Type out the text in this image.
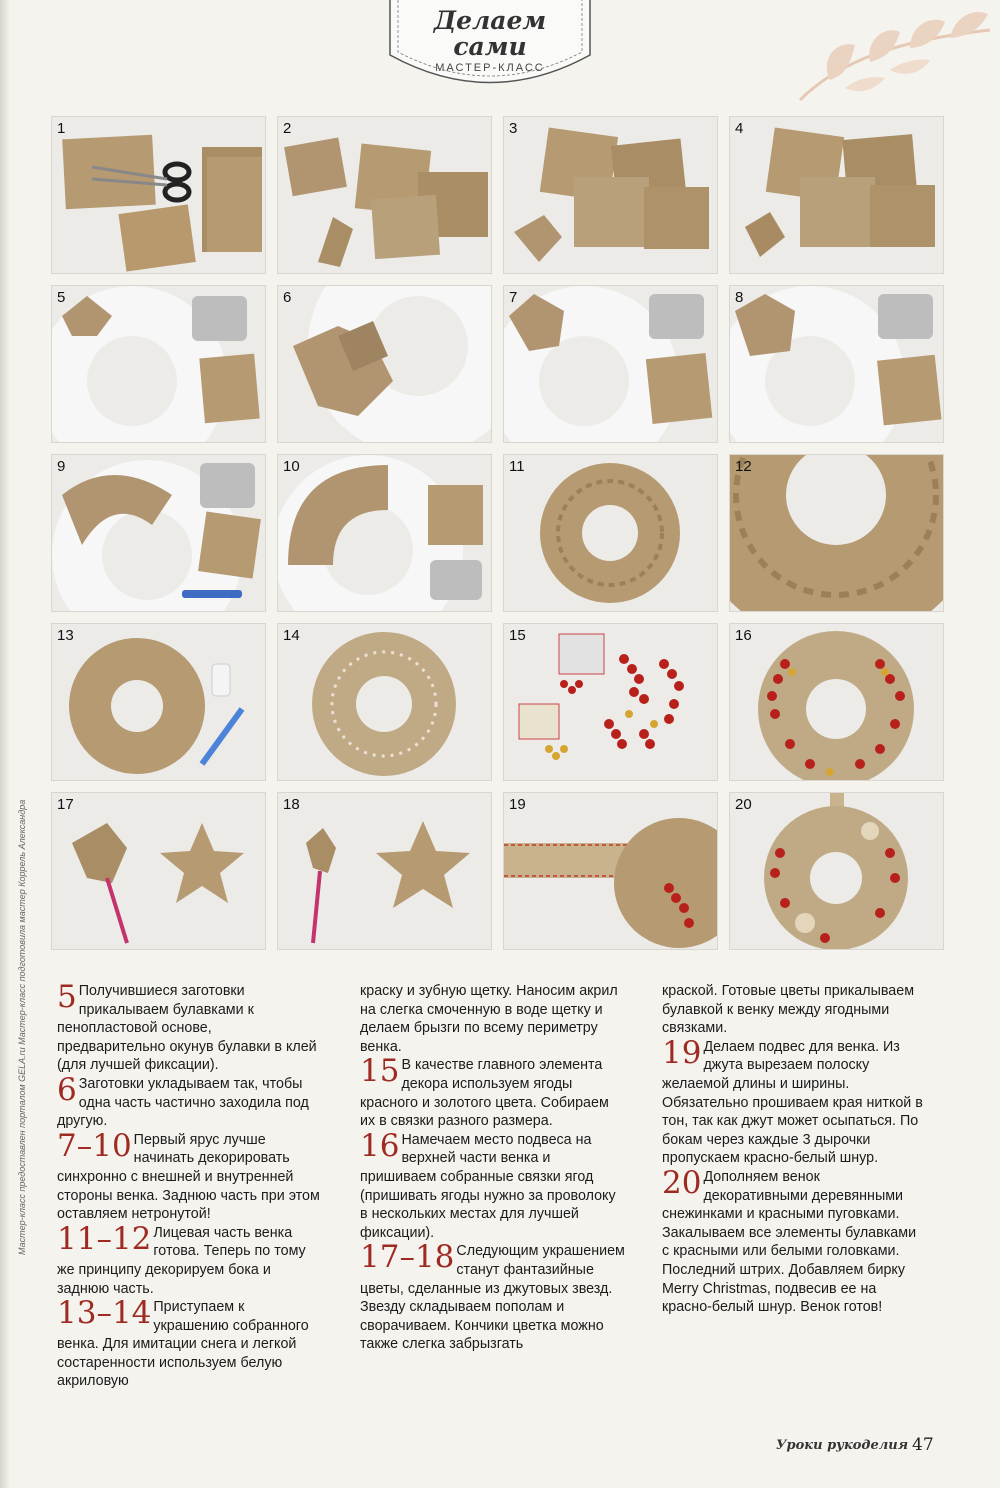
Делаем
сами
МАСТЕР-КЛАСС
Мастер-класс предоставлен порталом GELA.ru Мастер-класс подготовила мастер Коррель Александра
1	2	3	4
5	6	7	8
9	10	11	12
13	14	15	16
17	18	19	20

5 Получившиеся заготовки прикалываем булавками к пенопластовой основе, предварительно окунув булавки в клей (для лучшей фиксации).

6 Заготовки укладываем так, чтобы одна часть частично заходила под другую.

7–10 Первый ярус лучше начинать декорировать синхронно с внешней и внутренней стороны венка. Заднюю часть при этом оставляем нетронутой!

11–12 Лицевая часть венка готова. Теперь по тому же принципу декорируем бока и заднюю часть.

13–14 Приступаем к украшению собранного венка. Для имитации снега и легкой состаренности используем белую акриловую

краску и зубную щетку. Наносим акрил на слегка смоченную в воде щетку и делаем брызги по всему периметру венка.

15 В качестве главного элемента декора используем ягоды красного и золотого цвета. Собираем их в связки разного размера.

16 Намечаем место подвеса на верхней части венка и пришиваем собранные связки ягод (пришивать ягоды нужно за проволоку в нескольких местах для лучшей фиксации).

17–18 Следующим украшением станут фантазийные цветы, сделанные из джутовых звезд. Звезду складываем пополам и сворачиваем. Кончики цветка можно также слегка забрызгать

краской. Готовые цветы прикалываем булавкой к венку между ягодными связками.

19 Делаем подвес для венка. Из джута вырезаем полоску желаемой длины и ширины. Обязательно прошиваем края ниткой в тон, так как джут может осыпаться. По бокам через каждые 3 дырочки пропускаем красно-белый шнур.

20 Дополняем венок декоративными деревянными снежинками и красными пуговками. Закалываем все элементы булавками с красными или белыми головками. Последний штрих. Добавляем бирку Merry Christmas, подвесив ее на красно-белый шнур. Венок готов!

Уроки рукоделия 47
